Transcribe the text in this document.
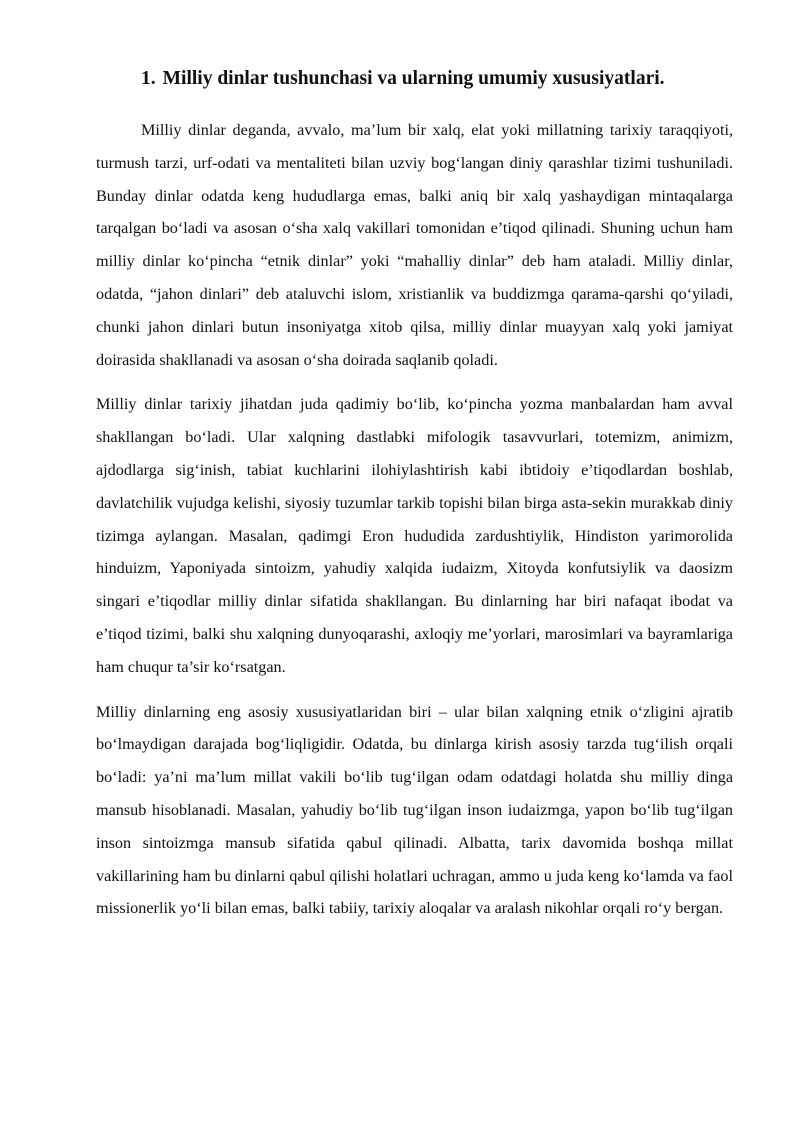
1. Milliy dinlar tushunchasi va ularning umumiy xususiyatlari.

Milliy dinlar deganda, avvalo, ma’lum bir xalq, elat yoki millatning tarixiy taraqqiyoti, turmush tarzi, urf-odati va mentaliteti bilan uzviy bog‘langan diniy qarashlar tizimi tushuniladi. Bunday dinlar odatda keng hududlarga emas, balki aniq bir xalq yashaydigan mintaqalarga tarqalgan bo‘ladi va asosan o‘sha xalq vakillari tomonidan e’tiqod qilinadi. Shuning uchun ham milliy dinlar ko‘pincha “etnik dinlar” yoki “mahalliy dinlar” deb ham ataladi. Milliy dinlar, odatda, “jahon dinlari” deb ataluvchi islom, xristianlik va buddizmga qarama-qarshi qo‘yiladi, chunki jahon dinlari butun insoniyatga xitob qilsa, milliy dinlar muayyan xalq yoki jamiyat doirasida shakllanadi va asosan o‘sha doirada saqlanib qoladi.

Milliy dinlar tarixiy jihatdan juda qadimiy bo‘lib, ko‘pincha yozma manbalardan ham avval shakllangan bo‘ladi. Ular xalqning dastlabki mifologik tasavvurlari, totemizm, animizm, ajdodlarga sig‘inish, tabiat kuchlarini ilohiylashtirish kabi ibtidoiy e’tiqodlardan boshlab, davlatchilik vujudga kelishi, siyosiy tuzumlar tarkib topishi bilan birga asta-sekin murakkab diniy tizimga aylangan. Masalan, qadimgi Eron hududida zardushtiylik, Hindiston yarimorolida hinduizm, Yaponiyada sintoizm, yahudiy xalqida iudaizm, Xitoyda konfutsiylik va daosizm singari e’tiqodlar milliy dinlar sifatida shakllangan. Bu dinlarning har biri nafaqat ibodat va e’tiqod tizimi, balki shu xalqning dunyoqarashi, axloqiy me’yorlari, marosimlari va bayramlariga ham chuqur ta’sir ko‘rsatgan.

Milliy dinlarning eng asosiy xususiyatlaridan biri – ular bilan xalqning etnik o‘zligini ajratib bo‘lmaydigan darajada bog‘liqligidir. Odatda, bu dinlarga kirish asosiy tarzda tug‘ilish orqali bo‘ladi: ya’ni ma’lum millat vakili bo‘lib tug‘ilgan odam odatdagi holatda shu milliy dinga mansub hisoblanadi. Masalan, yahudiy bo‘lib tug‘ilgan inson iudaizmga, yapon bo‘lib tug‘ilgan inson sintoizmga mansub sifatida qabul qilinadi. Albatta, tarix davomida boshqa millat vakillarining ham bu dinlarni qabul qilishi holatlari uchragan, ammo u juda keng ko‘lamda va faol missionerlik yo‘li bilan emas, balki tabiiy, tarixiy aloqalar va aralash nikohlar orqali ro‘y bergan.
